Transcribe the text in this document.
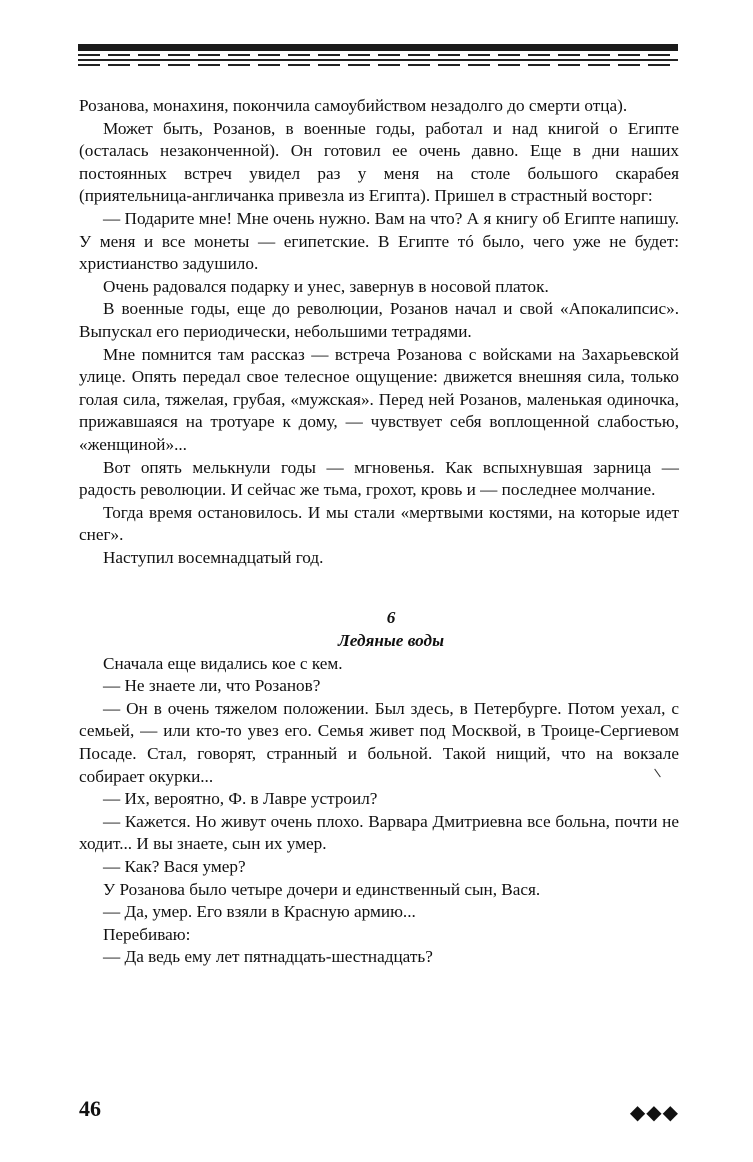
Розанова, монахиня, покончила самоубийством незадолго до смерти отца).

Может быть, Розанов, в военные годы, работал и над книгой о Египте (осталась незаконченной). Он готовил ее очень давно. Еще в дни наших постоянных встреч увидел раз у меня на столе большого скарабея (приятельница-англичанка привезла из Египта). Пришел в страстный восторг:

— Подарите мне! Мне очень нужно. Вам на что? А я книгу об Египте напишу. У меня и все монеты — египетские. В Египте тó было, чего уже не будет: христианство задушило.

Очень радовался подарку и унес, завернув в носовой платок.

В военные годы, еще до революции, Розанов начал и свой «Апокалипсис». Выпускал его периодически, небольшими тетрадями.

Мне помнится там рассказ — встреча Розанова с войсками на Захарьевской улице. Опять передал свое телесное ощущение: движется внешняя сила, только голая сила, тяжелая, грубая, «мужская». Перед ней Розанов, маленькая одиночка, прижавшаяся на тротуаре к дому, — чувствует себя воплощенной слабостью, «женщиной»...

Вот опять мелькнули годы — мгновенья. Как вспыхнувшая зарница — радость революции. И сейчас же тьма, грохот, кровь и — последнее молчание.

Тогда время остановилось. И мы стали «мертвыми костями, на которые идет снег».

Наступил восемнадцатый год.

6

Ледяные воды

Сначала еще видались кое с кем.

— Не знаете ли, что Розанов?

— Он в очень тяжелом положении. Был здесь, в Петербурге. Потом уехал, с семьей, — или кто-то увез его. Семья живет под Москвой, в Троице-Сергиевом Посаде. Стал, говорят, странный и больной. Такой нищий, что на вокзале собирает окурки...

— Их, вероятно, Ф. в Лавре устроил?

— Кажется. Но живут очень плохо. Варвара Дмитриевна все больна, почти не ходит... И вы знаете, сын их умер.

— Как? Вася умер?

У Розанова было четыре дочери и единственный сын, Вася.

— Да, умер. Его взяли в Красную армию...

Перебиваю:

— Да ведь ему лет пятнадцать-шестнадцать?

46	◆◆◆
